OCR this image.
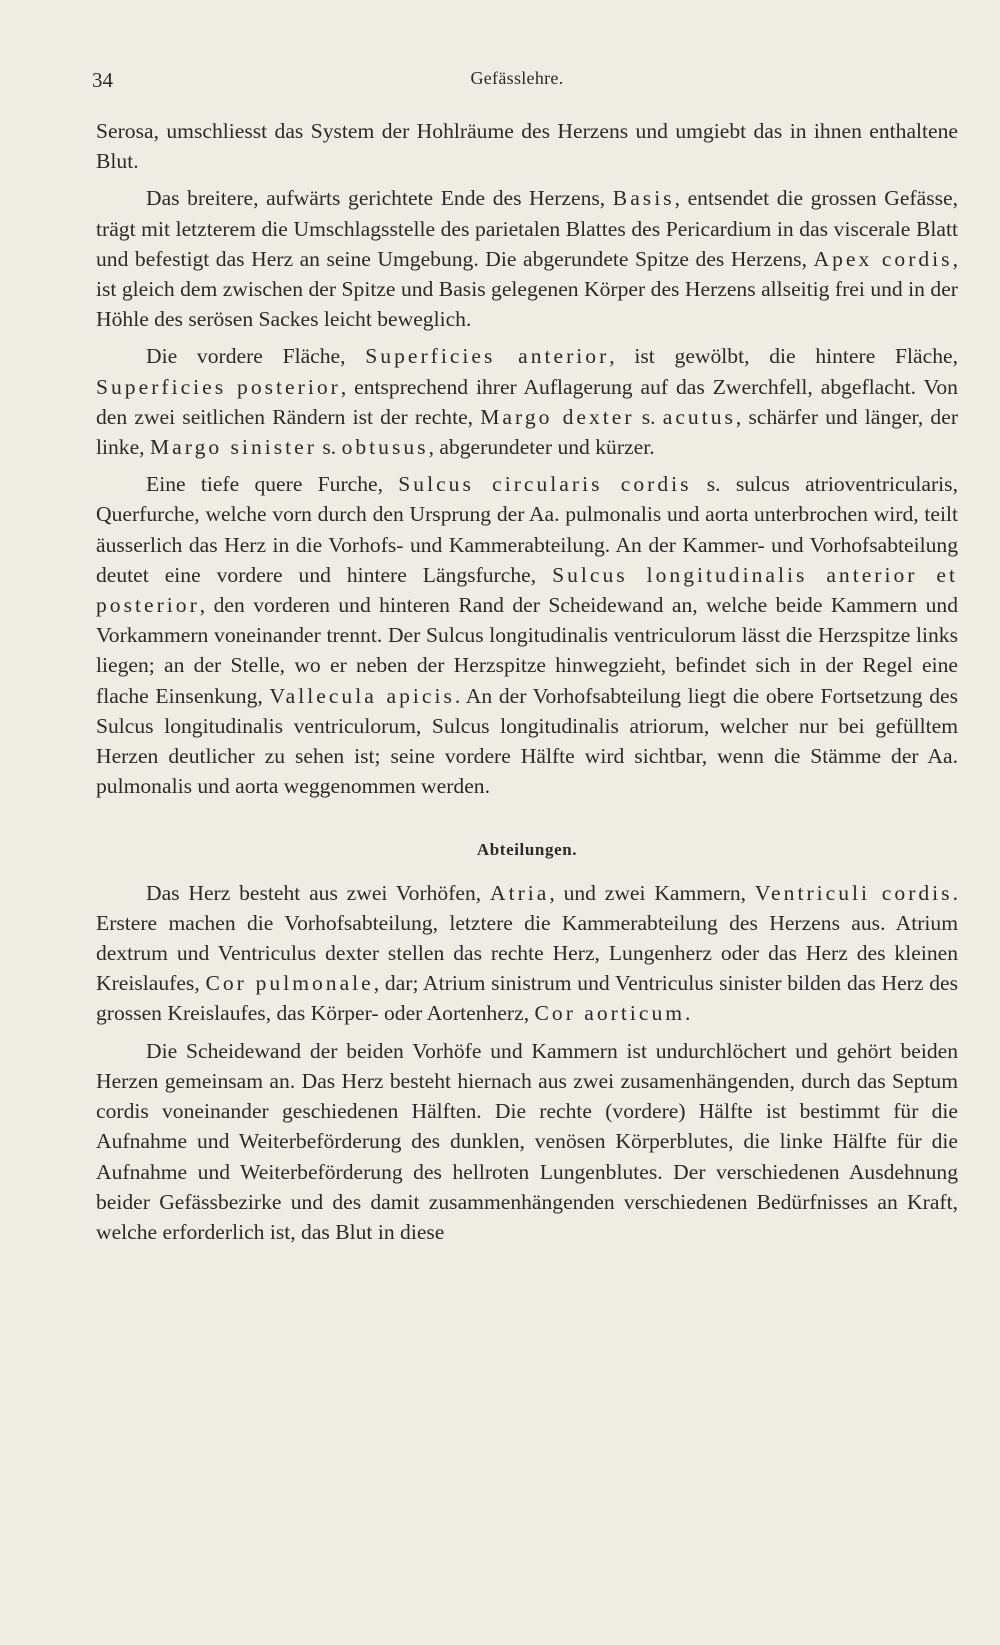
34	Gefässlehre.

Serosa, umschliesst das System der Hohlräume des Herzens und umgiebt das in ihnen enthaltene Blut.

Das breitere, aufwärts gerichtete Ende des Herzens, Basis, entsendet die grossen Gefässe, trägt mit letzterem die Umschlagsstelle des parietalen Blattes des Pericardium in das viscerale Blatt und befestigt das Herz an seine Umgebung. Die abgerundete Spitze des Herzens, Apex cordis, ist gleich dem zwischen der Spitze und Basis gelegenen Körper des Herzens allseitig frei und in der Höhle des serösen Sackes leicht beweglich.

Die vordere Fläche, Superficies anterior, ist gewölbt, die hintere Fläche, Superficies posterior, entsprechend ihrer Auflagerung auf das Zwerchfell, abgeflacht. Von den zwei seitlichen Rändern ist der rechte, Margo dexter s. acutus, schärfer und länger, der linke, Margo sinister s. obtusus, abgerundeter und kürzer.

Eine tiefe quere Furche, Sulcus circularis cordis s. sulcus atrioventricularis, Querfurche, welche vorn durch den Ursprung der Aa. pulmonalis und aorta unterbrochen wird, teilt äusserlich das Herz in die Vorhofs- und Kammerabteilung. An der Kammer- und Vorhofsabteilung deutet eine vordere und hintere Längsfurche, Sulcus longitudinalis anterior et posterior, den vorderen und hinteren Rand der Scheidewand an, welche beide Kammern und Vorkammern voneinander trennt. Der Sulcus longitudinalis ventriculorum lässt die Herzspitze links liegen; an der Stelle, wo er neben der Herzspitze hinwegzieht, befindet sich in der Regel eine flache Einsenkung, Vallecula apicis. An der Vorhofsabteilung liegt die obere Fortsetzung des Sulcus longitudinalis ventriculorum, Sulcus longitudinalis atriorum, welcher nur bei gefülltem Herzen deutlicher zu sehen ist; seine vordere Hälfte wird sichtbar, wenn die Stämme der Aa. pulmonalis und aorta weggenommen werden.

Abteilungen.

Das Herz besteht aus zwei Vorhöfen, Atria, und zwei Kammern, Ventriculi cordis. Erstere machen die Vorhofsabteilung, letztere die Kammerabteilung des Herzens aus. Atrium dextrum und Ventriculus dexter stellen das rechte Herz, Lungenherz oder das Herz des kleinen Kreislaufes, Cor pulmonale, dar; Atrium sinistrum und Ventriculus sinister bilden das Herz des grossen Kreislaufes, das Körper- oder Aortenherz, Cor aorticum.

Die Scheidewand der beiden Vorhöfe und Kammern ist undurchlöchert und gehört beiden Herzen gemeinsam an. Das Herz besteht hiernach aus zwei zusamenhängenden, durch das Septum cordis voneinander geschiedenen Hälften. Die rechte (vordere) Hälfte ist bestimmt für die Aufnahme und Weiterbeförderung des dunklen, venösen Körperblutes, die linke Hälfte für die Aufnahme und Weiterbeförderung des hellroten Lungenblutes. Der verschiedenen Ausdehnung beider Gefässbezirke und des damit zusammenhängenden verschiedenen Bedürfnisses an Kraft, welche erforderlich ist, das Blut in diese
